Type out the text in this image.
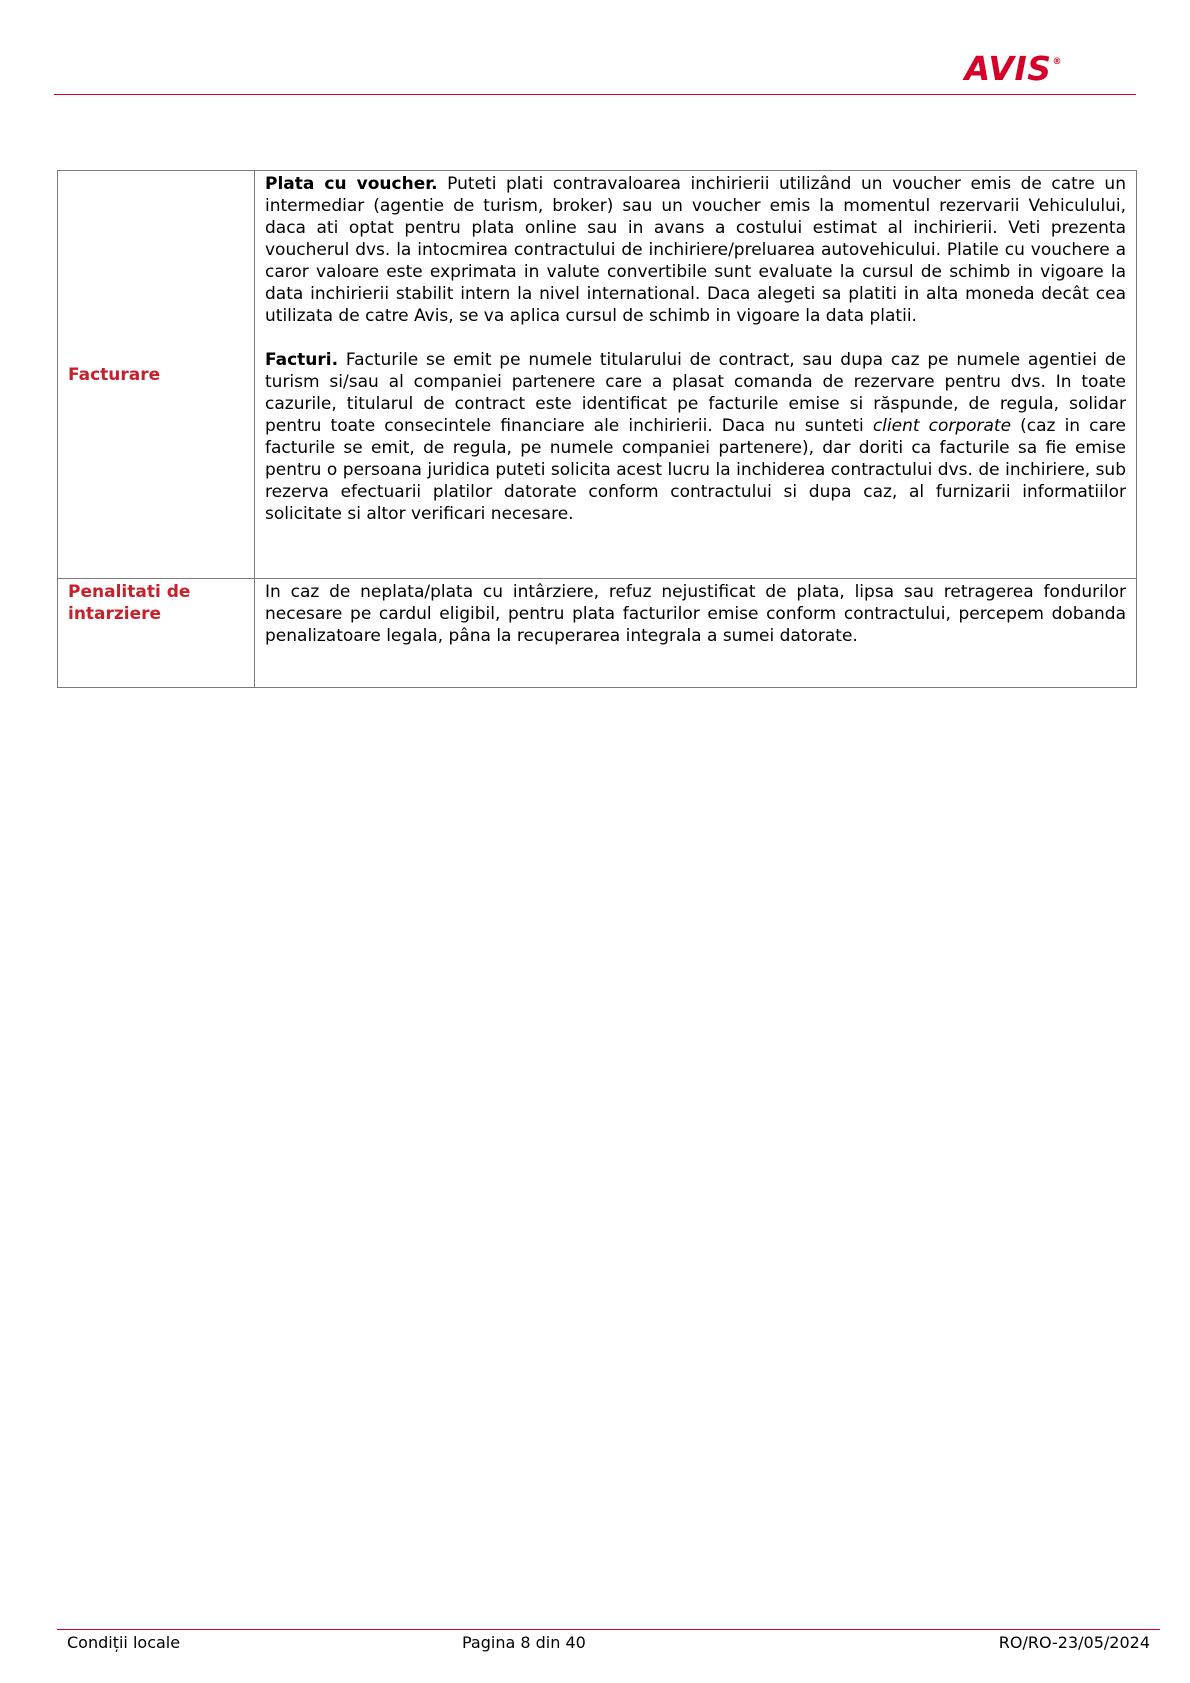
AVIS®
Facturare	Plata cu voucher. Puteti plati contravaloarea inchirierii utilizând un voucher emis de catre un intermediar (agentie de turism, broker) sau un voucher emis la momentul rezervarii Vehiculului, daca ati optat pentru plata online sau in avans a costului estimat al inchirierii. Veti prezenta voucherul dvs. la intocmirea contractului de inchiriere/preluarea autovehicului. Platile cu vouchere a caror valoare este exprimata in valute convertibile sunt evaluate la cursul de schimb in vigoare la data inchirierii stabilit intern la nivel international. Daca alegeti sa platiti in alta moneda decât cea utilizata de catre Avis, se va aplica cursul de schimb in vigoare la data platii.

Facturi. Facturile se emit pe numele titularului de contract, sau dupa caz pe numele agentiei de turism si/sau al companiei partenere care a plasat comanda de rezervare pentru dvs. In toate cazurile, titularul de contract este identificat pe facturile emise si răspunde, de regula, solidar pentru toate consecintele financiare ale inchirierii. Daca nu sunteti client corporate (caz in care facturile se emit, de regula, pe numele companiei partenere), dar doriti ca facturile sa fie emise pentru o persoana juridica puteti solicita acest lucru la inchiderea contractului dvs. de inchiriere, sub rezerva efectuarii platilor datorate conform contractului si dupa caz, al furnizarii informatiilor solicitate si altor verificari necesare.

Penalitati de intarziere	In caz de neplata/plata cu intârziere, refuz nejustificat de plata, lipsa sau retragerea fondurilor necesare pe cardul eligibil, pentru plata facturilor emise conform contractului, percepem dobanda penalizatoare legala, pâna la recuperarea integrala a sumei datorate.

Condiții locale	Pagina 8 din 40	RO/RO-23/05/2024
